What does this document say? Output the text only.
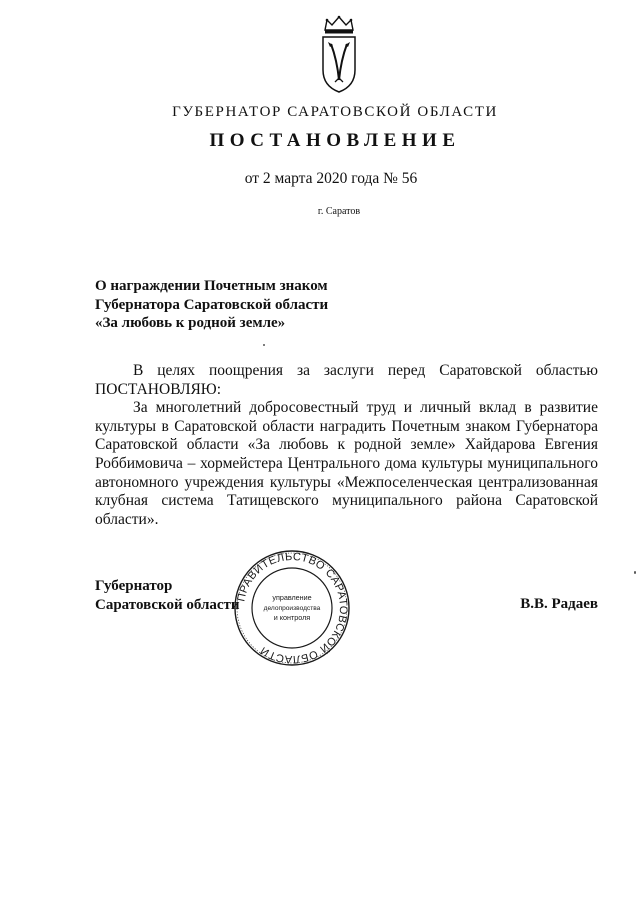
ГУБЕРНАТОР САРАТОВСКОЙ ОБЛАСТИ
ПОСТАНОВЛЕНИЕ
от 2 марта 2020 года № 56
г. Саратов
О награждении Почетным знаком
Губернатора Саратовской области
«За любовь к родной земле»

В целях поощрения за заслуги перед Саратовской областью

ПОСТАНОВЛЯЮ:

За многолетний добросовестный труд и личный вклад в развитие культуры в Саратовской области наградить Почетным знаком Губернатора Саратовской области «За любовь к родной земле» Хайдарова Евгения Роббимовича – хормейстера Центрального дома культуры муниципального автономного учреждения культуры «Межпоселенческая централизованная клубная система Татищевского муниципального района Саратовской области».

ПРАВИТЕЛЬСТВО САРАТОВСКОЙ ОБЛАСТИ
управление
делопроизводства
и контроля
Губернатор
Саратовской области	В.В. Радаев
